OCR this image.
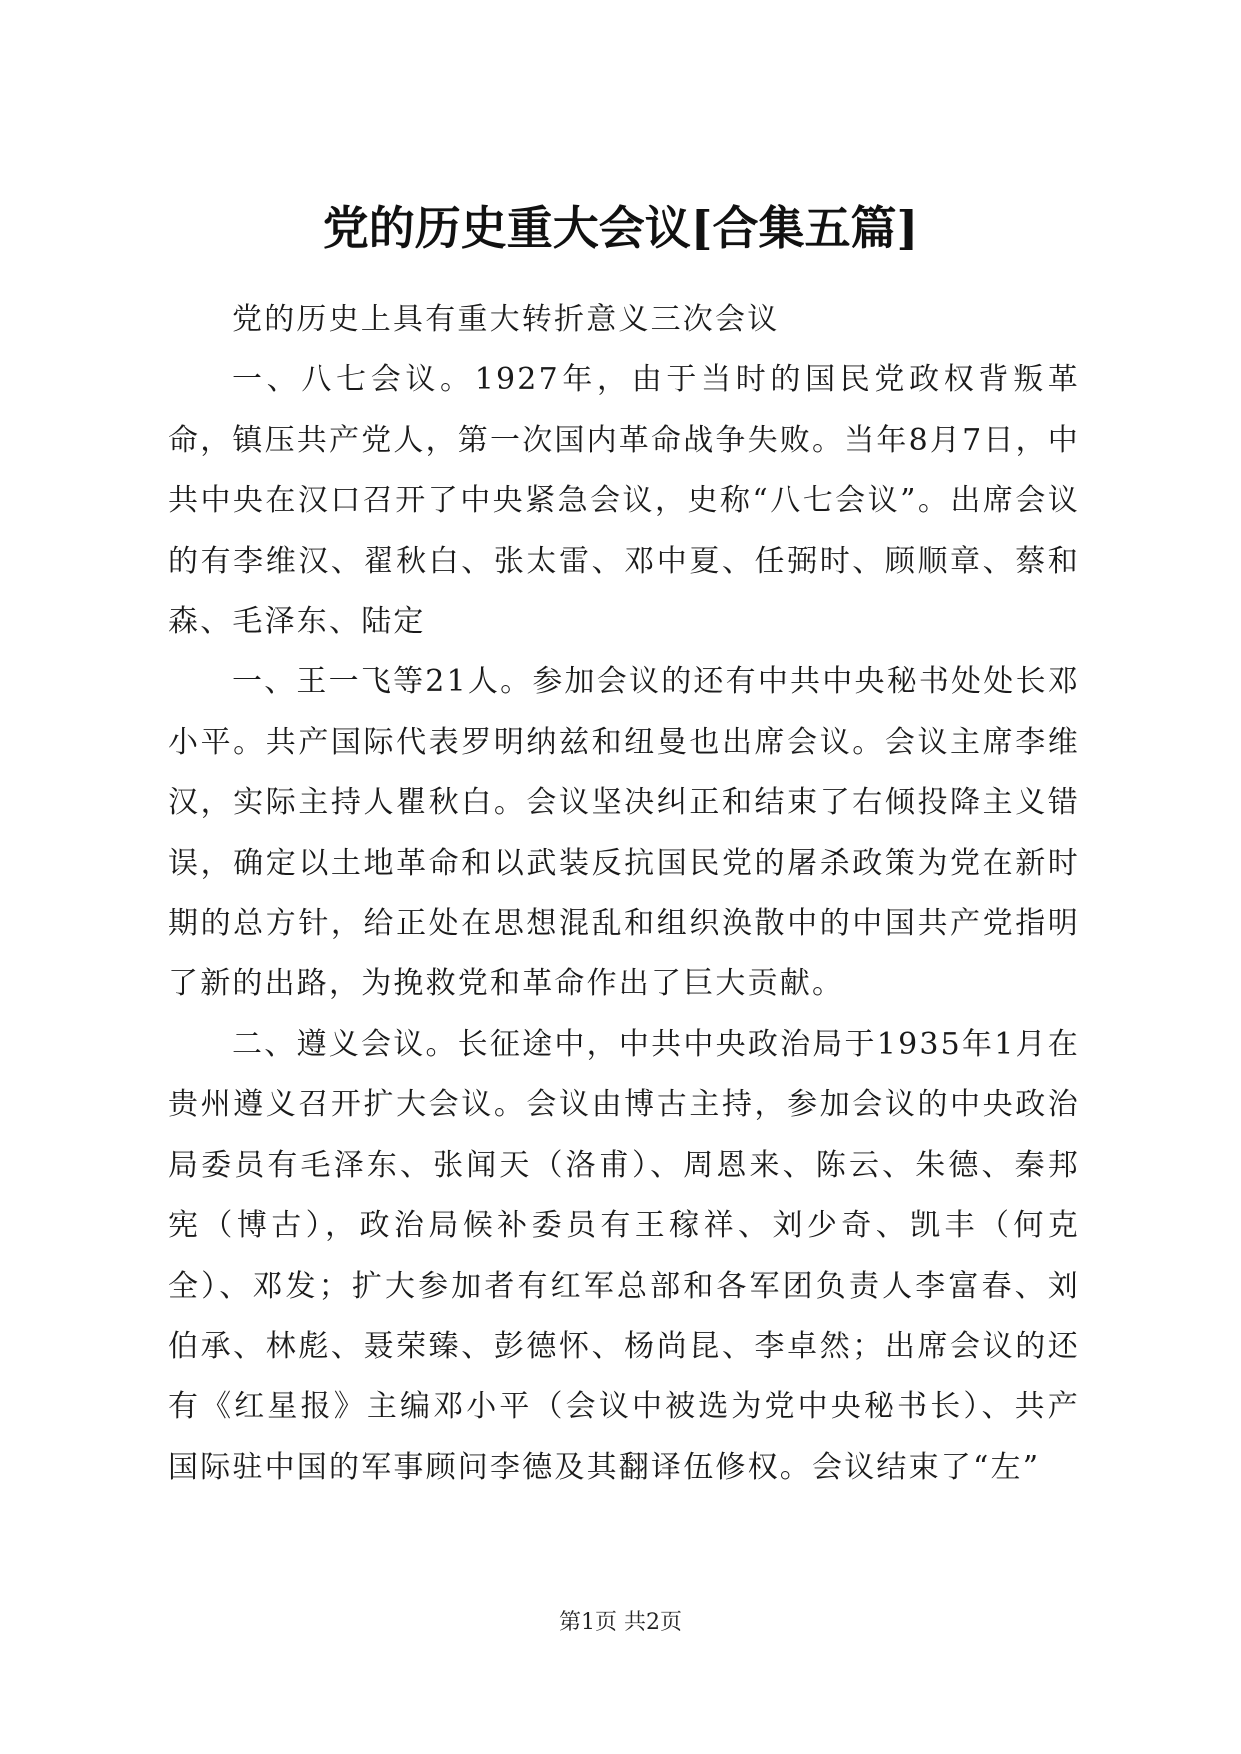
党的历史重大会议[合集五篇]

党的历史上具有重大转折意义三次会议

一、八七会议。1927年，由于当时的国民党政权背叛革命，镇压共产党人，第一次国内革命战争失败。当年8月7日，中共中央在汉口召开了中央紧急会议，史称“八七会议”。出席会议的有李维汉、翟秋白、张太雷、邓中夏、任弼时、顾顺章、蔡和森、毛泽东、陆定

一、王一飞等21人。参加会议的还有中共中央秘书处处长邓小平。共产国际代表罗明纳兹和纽曼也出席会议。会议主席李维汉，实际主持人瞿秋白。会议坚决纠正和结束了右倾投降主义错误，确定以土地革命和以武装反抗国民党的屠杀政策为党在新时期的总方针，给正处在思想混乱和组织涣散中的中国共产党指明了新的出路，为挽救党和革命作出了巨大贡献。

二、遵义会议。长征途中，中共中央政治局于1935年1月在贵州遵义召开扩大会议。会议由博古主持，参加会议的中央政治局委员有毛泽东、张闻天（洛甫）、周恩来、陈云、朱德、秦邦宪（博古），政治局候补委员有王稼祥、刘少奇、凯丰（何克全）、邓发；扩大参加者有红军总部和各军团负责人李富春、刘伯承、林彪、聂荣臻、彭德怀、杨尚昆、李卓然；出席会议的还有《红星报》主编邓小平（会议中被选为党中央秘书长）、共产国际驻中国的军事顾问李德及其翻译伍修权。会议结束了“左”

第1页 共2页
